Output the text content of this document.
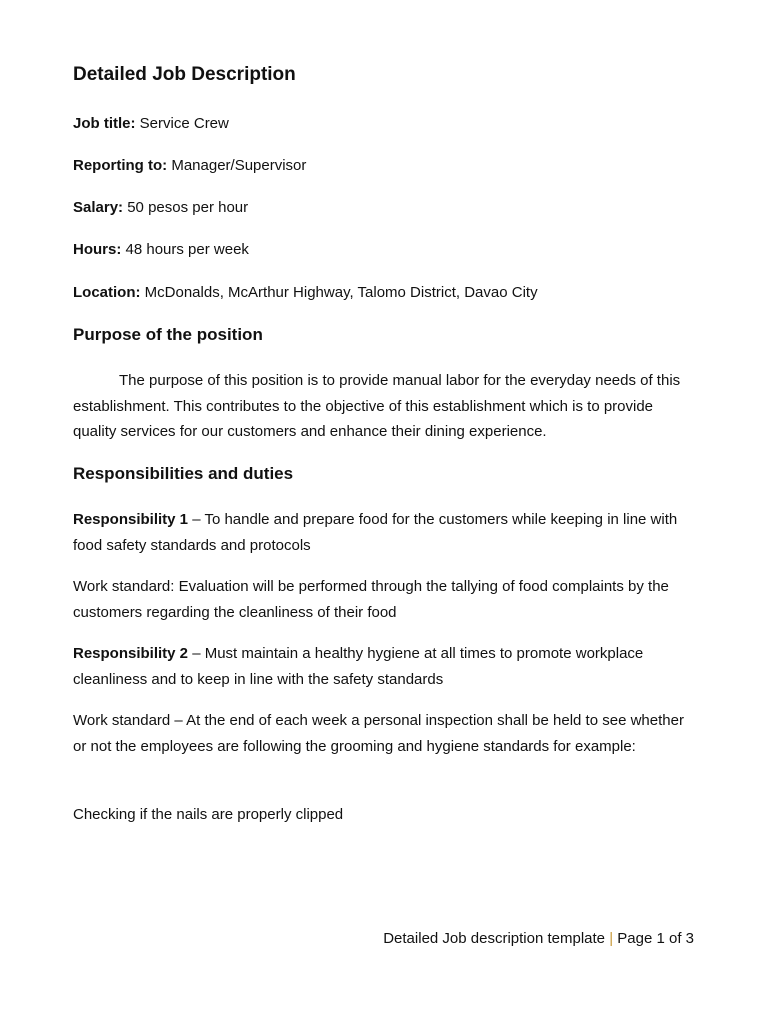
Detailed Job Description

Job title: Service Crew

Reporting to: Manager/Supervisor

Salary: 50 pesos per hour

Hours: 48 hours per week

Location: McDonalds, McArthur Highway, Talomo District, Davao City

Purpose of the position

The purpose of this position is to provide manual labor for the everyday needs of this establishment. This contributes to the objective of this establishment which is to provide quality services for our customers and enhance their dining experience.

Responsibilities and duties

Responsibility 1 – To handle and prepare food for the customers while keeping in line with food safety standards and protocols

Work standard: Evaluation will be performed through the tallying of food complaints by the customers regarding the cleanliness of their food

Responsibility 2 – Must maintain a healthy hygiene at all times to promote workplace cleanliness and to keep in line with the safety standards

Work standard – At the end of each week a personal inspection shall be held to see whether or not the employees are following the grooming and hygiene standards for example:

Checking if the nails are properly clipped

Detailed Job description template | Page 1 of 3
